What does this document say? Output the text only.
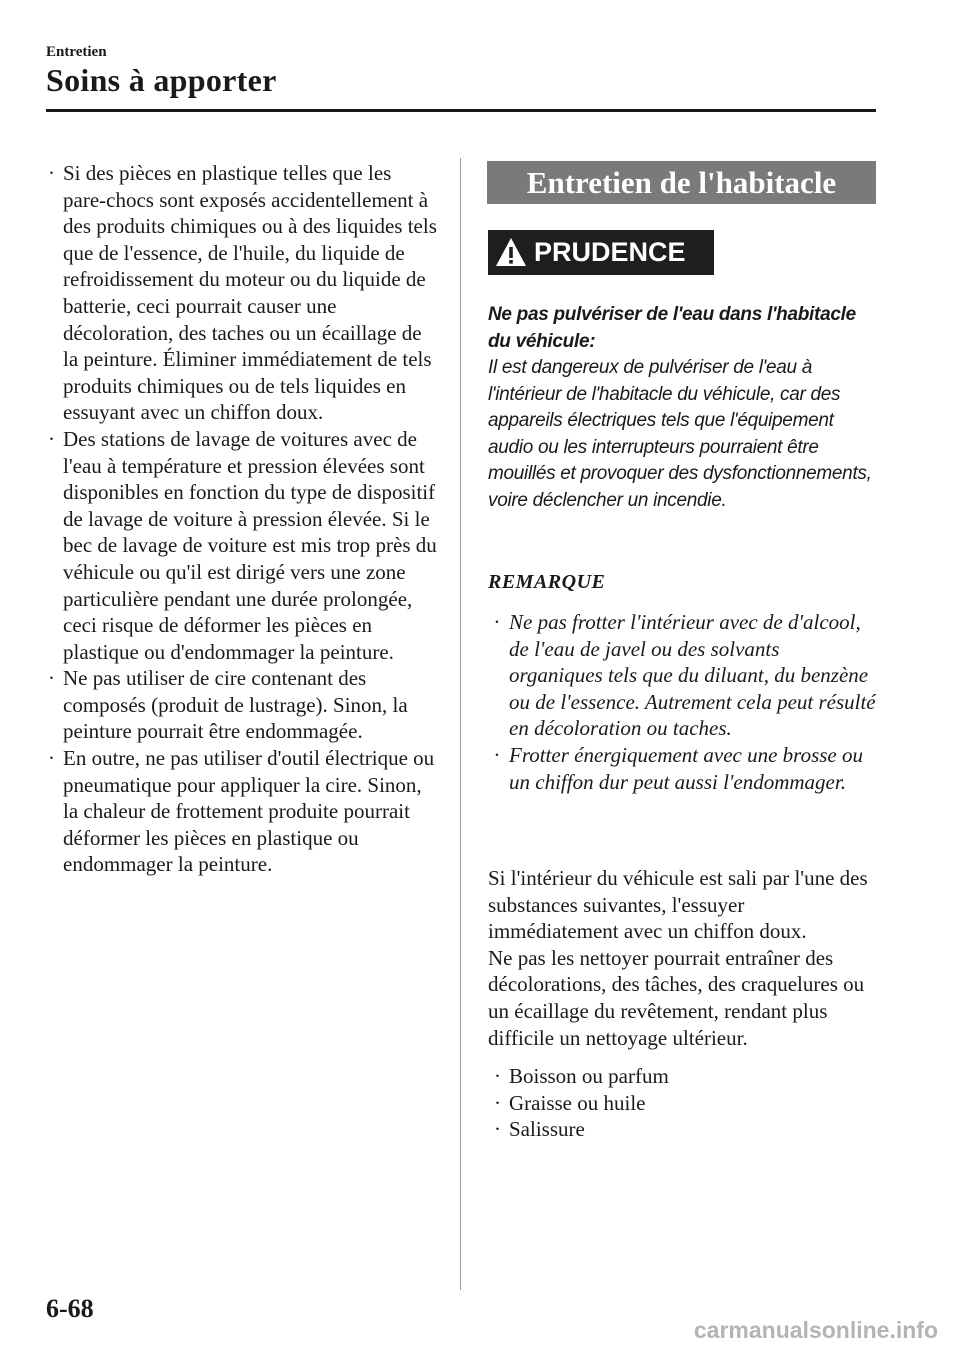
Entretien
Soins à apporter
· Si des pièces en plastique telles que les pare-chocs sont exposés accidentellement à des produits chimiques ou à des liquides tels que de l'essence, de l'huile, du liquide de refroidissement du moteur ou du liquide de batterie, ceci pourrait causer une décoloration, des taches ou un écaillage de la peinture. Éliminer immédiatement de tels produits chimiques ou de tels liquides en essuyant avec un chiffon doux.
· Des stations de lavage de voitures avec de l'eau à température et pression élevées sont disponibles en fonction du type de dispositif de lavage de voiture à pression élevée. Si le bec de lavage de voiture est mis trop près du véhicule ou qu'il est dirigé vers une zone particulière pendant une durée prolongée, ceci risque de déformer les pièces en plastique ou d'endommager la peinture.
· Ne pas utiliser de cire contenant des composés (produit de lustrage). Sinon, la peinture pourrait être endommagée.
· En outre, ne pas utiliser d'outil électrique ou pneumatique pour appliquer la cire. Sinon, la chaleur de frottement produite pourrait déformer les pièces en plastique ou endommager la peinture.
Entretien de l'habitacle
PRUDENCE
Ne pas pulvériser de l'eau dans l'habitacle du véhicule:
Il est dangereux de pulvériser de l'eau à l'intérieur de l'habitacle du véhicule, car des appareils électriques tels que l'équipement audio ou les interrupteurs pourraient être mouillés et provoquer des dysfonctionnements, voire déclencher un incendie.
REMARQUE
· Ne pas frotter l'intérieur avec de d'alcool, de l'eau de javel ou des solvants organiques tels que du diluant, du benzène ou de l'essence. Autrement cela peut résulté en décoloration ou taches.
· Frotter énergiquement avec une brosse ou un chiffon dur peut aussi l'endommager.
Si l'intérieur du véhicule est sali par l'une des substances suivantes, l'essuyer immédiatement avec un chiffon doux.
Ne pas les nettoyer pourrait entraîner des décolorations, des tâches, des craquelures ou un écaillage du revêtement, rendant plus difficile un nettoyage ultérieur.
· Boisson ou parfum
· Graisse ou huile
· Salissure
6-68
carmanualsonline.info
